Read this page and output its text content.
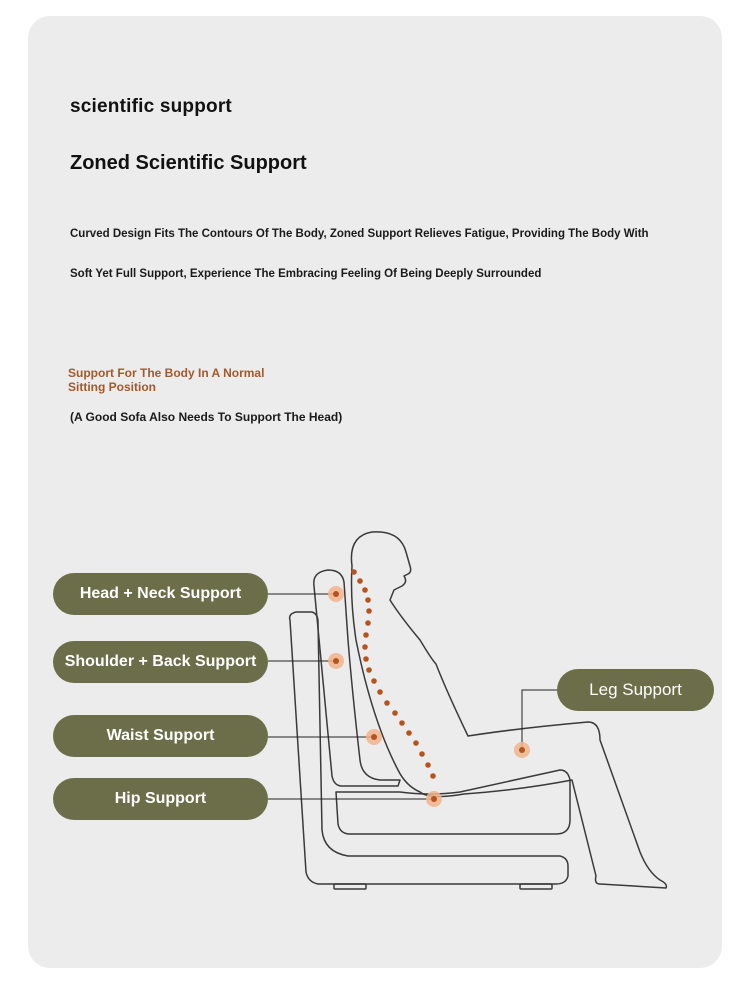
scientific support
Zoned Scientific Support
Curved Design Fits The Contours Of The Body, Zoned Support Relieves Fatigue, Providing The Body With
Soft Yet Full Support, Experience The Embracing Feeling Of Being Deeply Surrounded
Support For The Body In A Normal Sitting Position
(A Good Sofa Also Needs To Support The Head)
Head + Neck Support
Shoulder + Back Support
Waist Support
Hip Support
Leg Support
